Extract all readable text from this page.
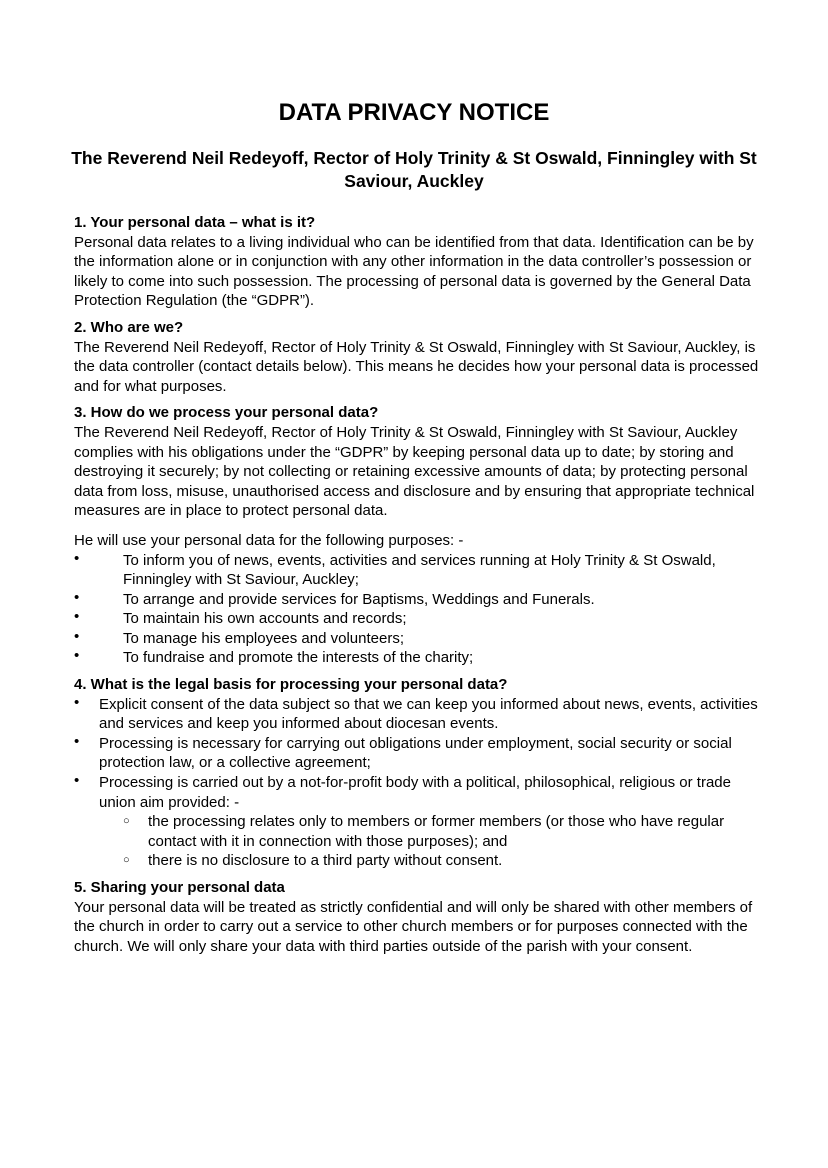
DATA PRIVACY NOTICE
The Reverend Neil Redeyoff, Rector of Holy Trinity & St Oswald, Finningley with St Saviour, Auckley
1. Your personal data – what is it?

Personal data relates to a living individual who can be identified from that data. Identification can be by the information alone or in conjunction with any other information in the data controller’s possession or likely to come into such possession. The processing of personal data is governed by the General Data Protection Regulation (the “GDPR”).

2. Who are we?

The Reverend Neil Redeyoff, Rector of Holy Trinity & St Oswald, Finningley with St Saviour, Auckley, is the data controller (contact details below). This means he decides how your personal data is processed and for what purposes.

3. How do we process your personal data?

The Reverend Neil Redeyoff, Rector of Holy Trinity & St Oswald, Finningley with St Saviour, Auckley complies with his obligations under the “GDPR” by keeping personal data up to date; by storing and destroying it securely; by not collecting or retaining excessive amounts of data; by protecting personal data from loss, misuse, unauthorised access and disclosure and by ensuring that appropriate technical measures are in place to protect personal data.

He will use your personal data for the following purposes: -

• To inform you of news, events, activities and services running at Holy Trinity & St Oswald, Finningley with St Saviour, Auckley;
• To arrange and provide services for Baptisms, Weddings and Funerals.
• To maintain his own accounts and records;
• To manage his employees and volunteers;
• To fundraise and promote the interests of the charity;
4. What is the legal basis for processing your personal data?
• Explicit consent of the data subject so that we can keep you informed about news, events, activities and services and keep you informed about diocesan events.
• Processing is necessary for carrying out obligations under employment, social security or social protection law, or a collective agreement;
• Processing is carried out by a not-for-profit body with a political, philosophical, religious or trade union aim provided: -
○ the processing relates only to members or former members (or those who have regular contact with it in connection with those purposes); and
○ there is no disclosure to a third party without consent.
5. Sharing your personal data

Your personal data will be treated as strictly confidential and will only be shared with other members of the church in order to carry out a service to other church members or for purposes connected with the church. We will only share your data with third parties outside of the parish with your consent.
